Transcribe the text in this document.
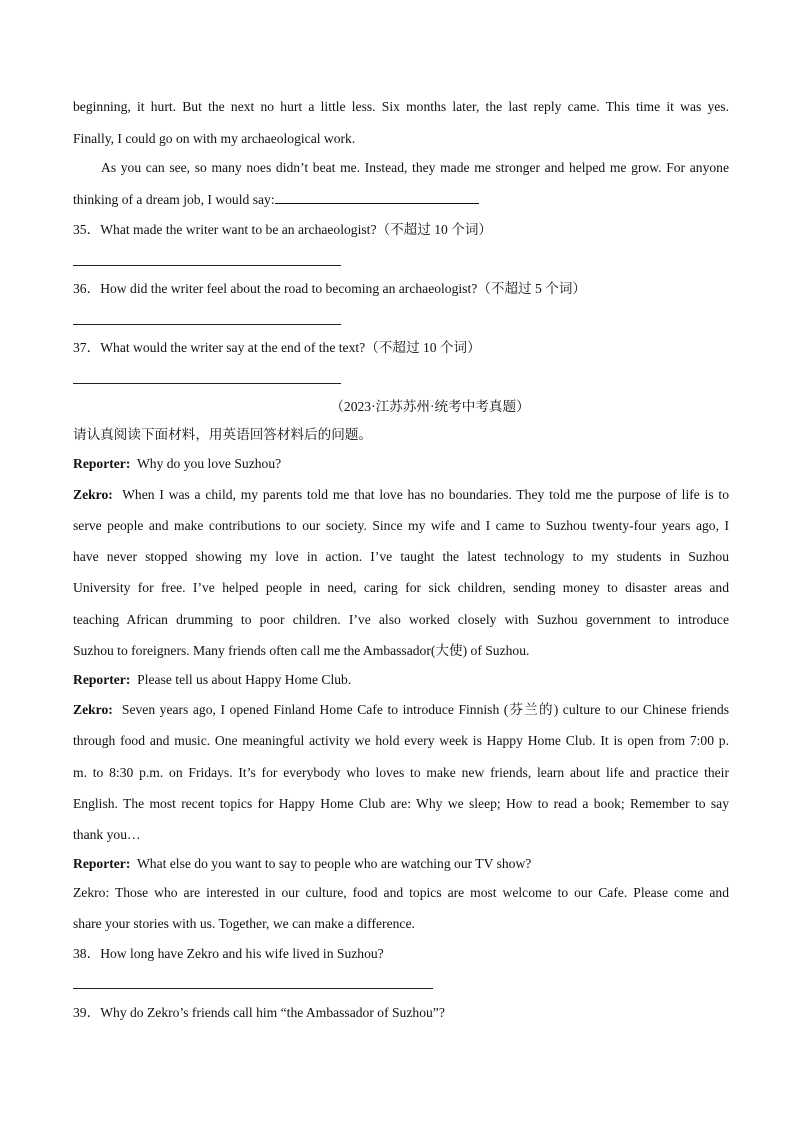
beginning, it hurt. But the next no hurt a little less. Six months later, the last reply came. This time it was yes.
Finally, I could go on with my archaeological work.
As you can see, so many noes didn’t beat me. Instead, they made me stronger and helped me grow. For anyone
thinking of a dream job, I would say:
35．What made the writer want to be an archaeologist?（不超过 10 个词）
36．How did the writer feel about the road to becoming an archaeologist?（不超过 5 个词）
37．What would the writer say at the end of the text?（不超过 10 个词）
（2023·江苏苏州·统考中考真题）
请认真阅读下面材料，用英语回答材料后的问题。
Reporter: Why do you love Suzhou?
Zekro: When I was a child, my parents told me that love has no boundaries. They told me the purpose of life is to
serve people and make contributions to our society. Since my wife and I came to Suzhou twenty-four years ago, I
have never stopped showing my love in action. I’ve taught the latest technology to my students in Suzhou
University for free. I’ve helped people in need, caring for sick children, sending money to disaster areas and
teaching African drumming to poor children. I’ve also worked closely with Suzhou government to introduce
Suzhou to foreigners. Many friends often call me the Ambassador(大使) of Suzhou.
Reporter: Please tell us about Happy Home Club.
Zekro: Seven years ago, I opened Finland Home Cafe to introduce Finnish (芬兰的) culture to our Chinese friends
through food and music. One meaningful activity we hold every week is Happy Home Club. It is open from 7:00 p.
m. to 8:30 p.m. on Fridays. It’s for everybody who loves to make new friends, learn about life and practice their
English. The most recent topics for Happy Home Club are: Why we sleep; How to read a book; Remember to say
thank you…
Reporter: What else do you want to say to people who are watching our TV show?
Zekro: Those who are interested in our culture, food and topics are most welcome to our Cafe. Please come and
share your stories with us. Together, we can make a difference.
38．How long have Zekro and his wife lived in Suzhou?
39．Why do Zekro’s friends call him “the Ambassador of Suzhou”?
